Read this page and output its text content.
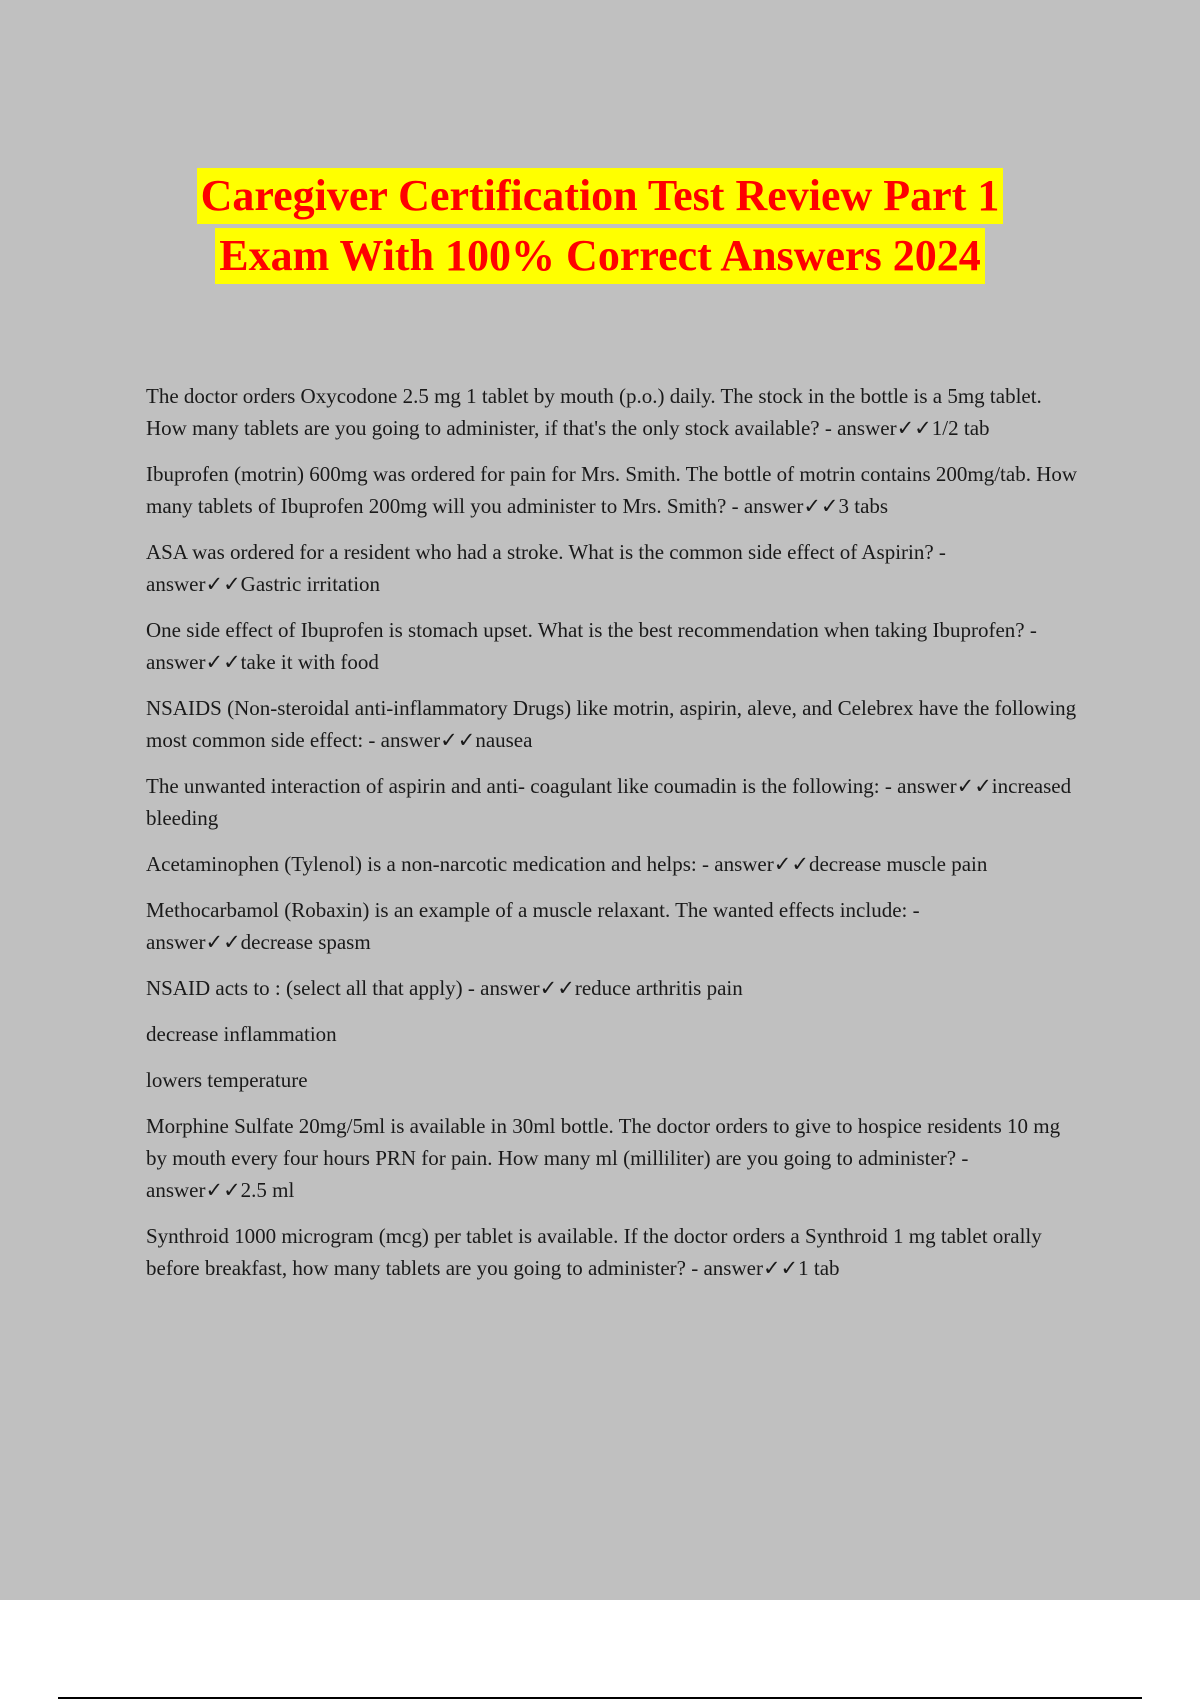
Caregiver Certification Test Review Part 1
Exam With 100% Correct Answers 2024

The doctor orders Oxycodone 2.5 mg 1 tablet by mouth (p.o.) daily. The stock in the bottle is a 5mg tablet. How many tablets are you going to administer, if that's the only stock available? - answer✓✓1/2 tab

Ibuprofen (motrin) 600mg was ordered for pain for Mrs. Smith. The bottle of motrin contains 200mg/tab. How many tablets of Ibuprofen 200mg will you administer to Mrs. Smith? - answer✓✓3 tabs

ASA was ordered for a resident who had a stroke. What is the common side effect of Aspirin? - answer✓✓Gastric irritation

One side effect of Ibuprofen is stomach upset. What is the best recommendation when taking Ibuprofen? - answer✓✓take it with food

NSAIDS (Non-steroidal anti-inflammatory Drugs) like motrin, aspirin, aleve, and Celebrex have the following most common side effect: - answer✓✓nausea

The unwanted interaction of aspirin and anti- coagulant like coumadin is the following: - answer✓✓increased bleeding

Acetaminophen (Tylenol) is a non-narcotic medication and helps: - answer✓✓decrease muscle pain

Methocarbamol (Robaxin) is an example of a muscle relaxant. The wanted effects include: - answer✓✓decrease spasm

NSAID acts to : (select all that apply) - answer✓✓reduce arthritis pain

decrease inflammation

lowers temperature

Morphine Sulfate 20mg/5ml is available in 30ml bottle. The doctor orders to give to hospice residents 10 mg by mouth every four hours PRN for pain. How many ml (milliliter) are you going to administer? - answer✓✓2.5 ml

Synthroid 1000 microgram (mcg) per tablet is available. If the doctor orders a Synthroid 1 mg tablet orally before breakfast, how many tablets are you going to administer? - answer✓✓1 tab
